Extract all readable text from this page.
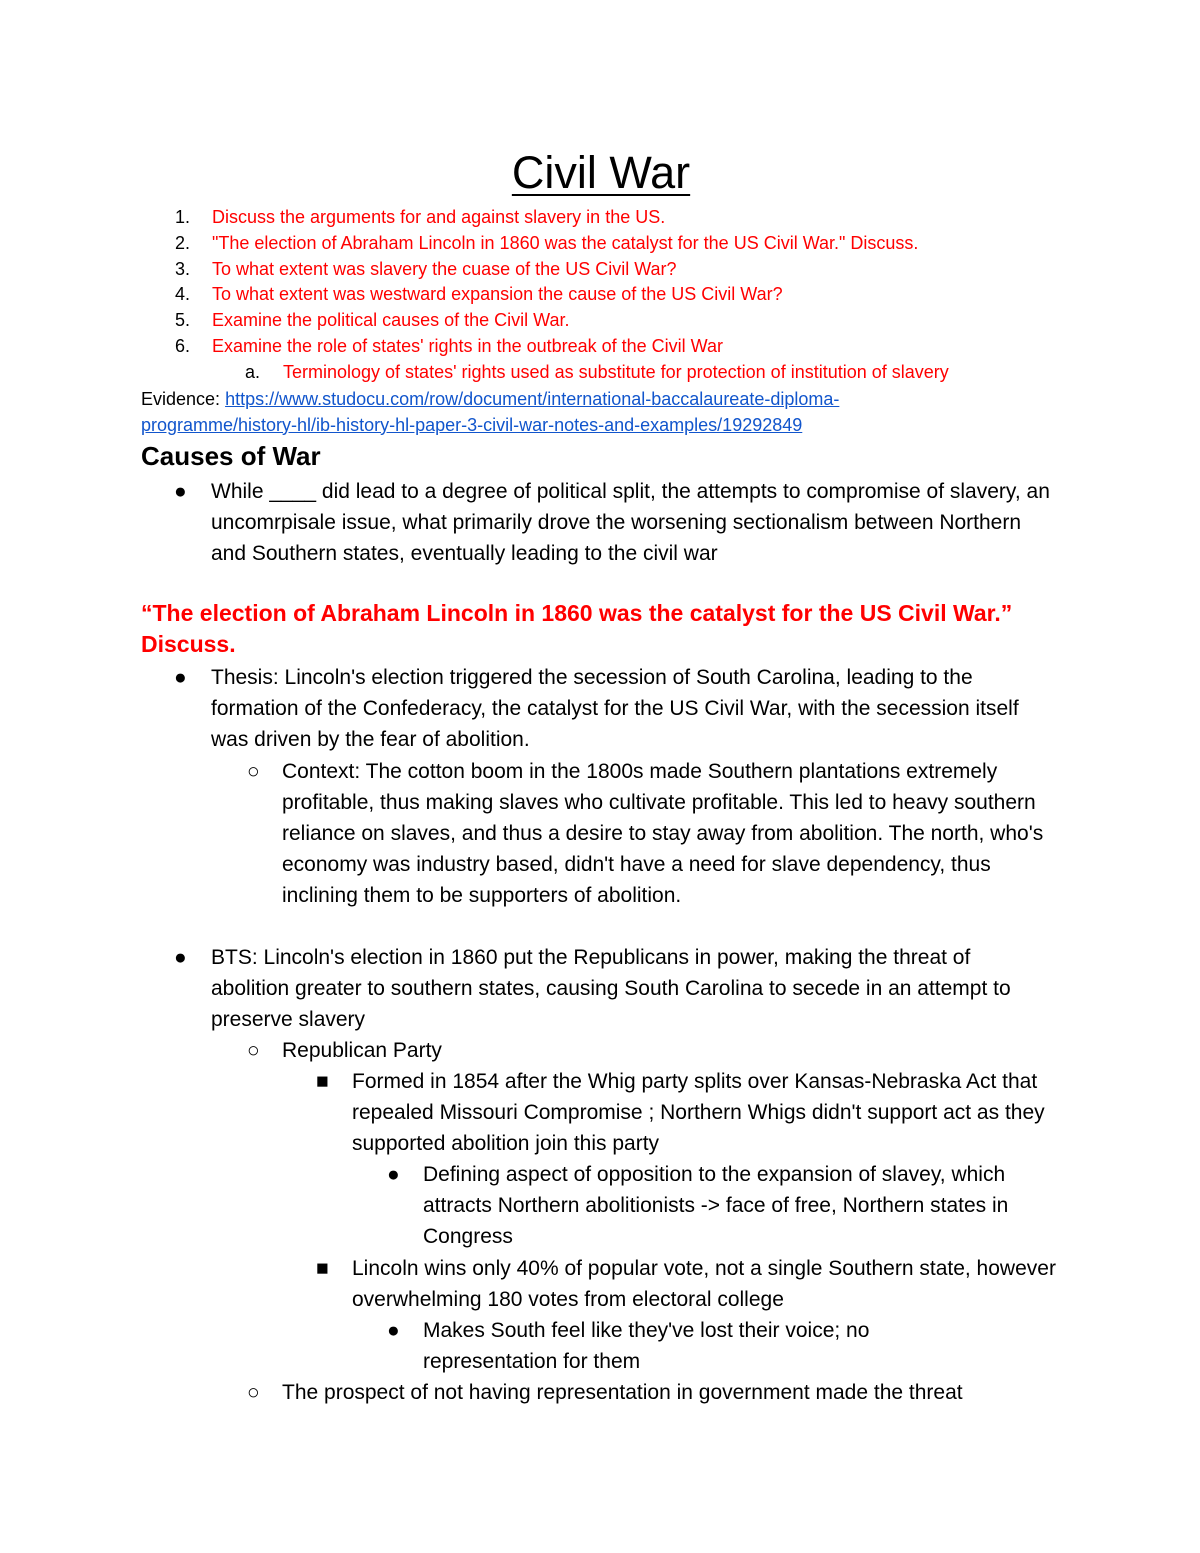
Civil War
1. Discuss the arguments for and against slavery in the US.
2. "The election of Abraham Lincoln in 1860 was the catalyst for the US Civil War." Discuss.
3. To what extent was slavery the cuase of the US Civil War?
4. To what extent was westward expansion the cause of the US Civil War?
5. Examine the political causes of the Civil War.
6. Examine the role of states' rights in the outbreak of the Civil War
a. Terminology of states' rights used as substitute for protection of institution of slavery
Evidence: https://www.studocu.com/row/document/international-baccalaureate-diploma-
programme/history-hl/ib-history-hl-paper-3-civil-war-notes-and-examples/19292849
Causes of War
● While ____ did lead to a degree of political split, the attempts to compromise of slavery, an uncomrpisale issue, what primarily drove the worsening sectionalism between Northern and Southern states, eventually leading to the civil war
“The election of Abraham Lincoln in 1860 was the catalyst for the US Civil War.” Discuss.
● Thesis: Lincoln's election triggered the secession of South Carolina, leading to the formation of the Confederacy, the catalyst for the US Civil War, with the secession itself was driven by the fear of abolition.
○ Context: The cotton boom in the 1800s made Southern plantations extremely profitable, thus making slaves who cultivate profitable. This led to heavy southern reliance on slaves, and thus a desire to stay away from abolition. The north, who's economy was industry based, didn't have a need for slave dependency, thus inclining them to be supporters of abolition.
● BTS: Lincoln's election in 1860 put the Republicans in power, making the threat of abolition greater to southern states, causing South Carolina to secede in an attempt to preserve slavery
○ Republican Party
■ Formed in 1854 after the Whig party splits over Kansas-Nebraska Act that repealed Missouri Compromise ; Northern Whigs didn't support act as they supported abolition join this party
● Defining aspect of opposition to the expansion of slavey, which attracts Northern abolitionists -> face of free, Northern states in Congress
■ Lincoln wins only 40% of popular vote, not a single Southern state, however overwhelming 180 votes from electoral college
● Makes South feel like they've lost their voice; no representation for them
○ The prospect of not having representation in government made the threat
